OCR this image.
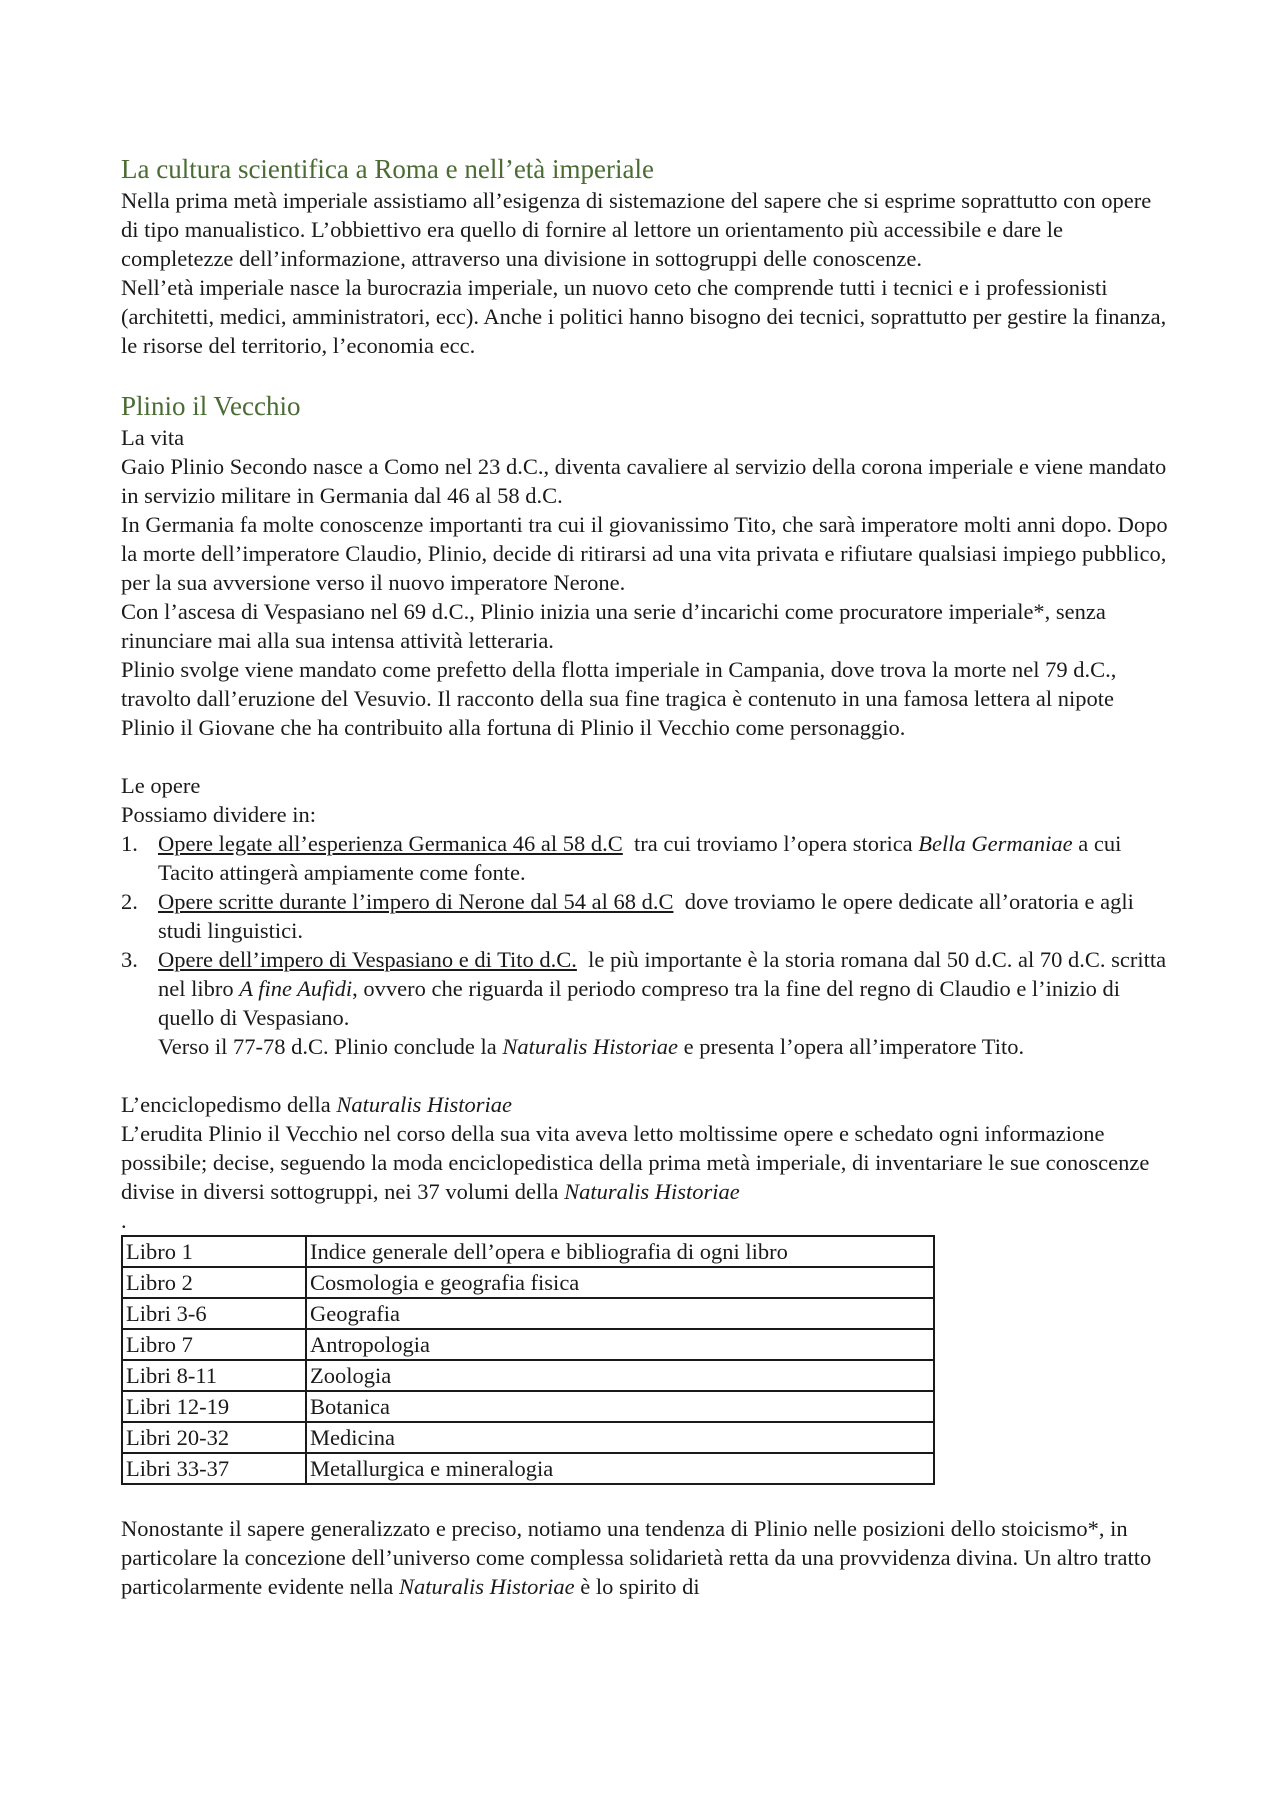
La cultura scientifica a Roma e nell’età imperiale

Nella prima metà imperiale assistiamo all’esigenza di sistemazione del sapere che si esprime soprattutto con opere di tipo manualistico. L’obbiettivo era quello di fornire al lettore un orientamento più accessibile e dare le completezze dell’informazione, attraverso una divisione in sottogruppi delle conoscenze.

Nell’età imperiale nasce la burocrazia imperiale, un nuovo ceto che comprende tutti i tecnici e i professionisti (architetti, medici, amministratori, ecc). Anche i politici hanno bisogno dei tecnici, soprattutto per gestire la finanza, le risorse del territorio, l’economia ecc.

Plinio il Vecchio

La vita

Gaio Plinio Secondo nasce a Como nel 23 d.C., diventa cavaliere al servizio della corona imperiale e viene mandato in servizio militare in Germania dal 46 al 58 d.C.

In Germania fa molte conoscenze importanti tra cui il giovanissimo Tito, che sarà imperatore molti anni dopo. Dopo la morte dell’imperatore Claudio, Plinio, decide di ritirarsi ad una vita privata e rifiutare qualsiasi impiego pubblico, per la sua avversione verso il nuovo imperatore Nerone.

Con l’ascesa di Vespasiano nel 69 d.C., Plinio inizia una serie d’incarichi come procuratore imperiale*, senza rinunciare mai alla sua intensa attività letteraria.

Plinio svolge viene mandato come prefetto della flotta imperiale in Campania, dove trova la morte nel 79 d.C., travolto dall’eruzione del Vesuvio. Il racconto della sua fine tragica è contenuto in una famosa lettera al nipote Plinio il Giovane che ha contribuito alla fortuna di Plinio il Vecchio come personaggio.

Le opere

Possiamo dividere in:

1. Opere legate all’esperienza Germanica 46 al 58 d.C  tra cui troviamo l’opera storica Bella Germaniae a cui Tacito attingerà ampiamente come fonte.
2. Opere scritte durante l’impero di Nerone dal 54 al 68 d.C  dove troviamo le opere dedicate all’oratoria e agli studi linguistici.
3. Opere dell’impero di Vespasiano e di Tito d.C.  le più importante è la storia romana dal 50 d.C. al 70 d.C. scritta nel libro A fine Aufidi, ovvero che riguarda il periodo compreso tra la fine del regno di Claudio e l’inizio di quello di Vespasiano.
Verso il 77-78 d.C. Plinio conclude la Naturalis Historiae e presenta l’opera all’imperatore Tito.

L’enciclopedismo della Naturalis Historiae

L’erudita Plinio il Vecchio nel corso della sua vita aveva letto moltissime opere e schedato ogni informazione possibile; decise, seguendo la moda enciclopedistica della prima metà imperiale, di inventariare le sue conoscenze divise in diversi sottogruppi, nei 37 volumi della Naturalis Historiae
.

Libro 1	Indice generale dell’opera e bibliografia di ogni libro
Libro 2	Cosmologia e geografia fisica
Libri 3-6	Geografia
Libro 7	Antropologia
Libri 8-11	Zoologia
Libri 12-19	Botanica
Libri 20-32	Medicina
Libri 33-37	Metallurgica e mineralogia

Nonostante il sapere generalizzato e preciso, notiamo una tendenza di Plinio nelle posizioni dello stoicismo*, in particolare la concezione dell’universo come complessa solidarietà retta da una provvidenza divina. Un altro tratto particolarmente evidente nella Naturalis Historiae è lo spirito di
